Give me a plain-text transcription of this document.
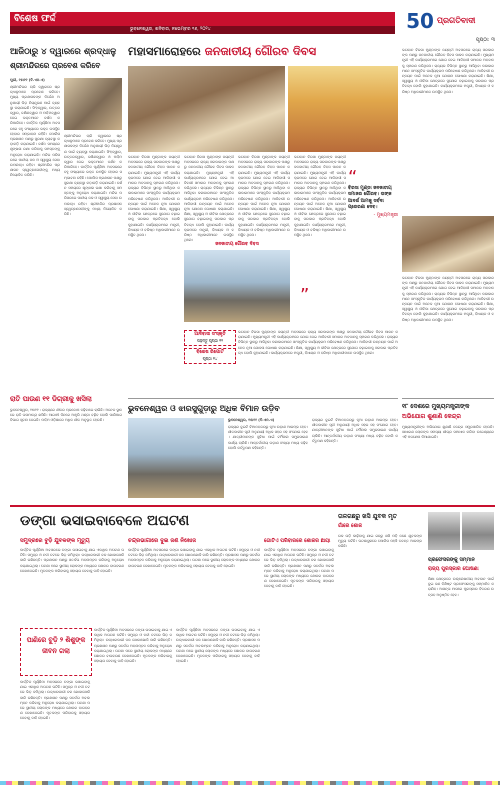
ବିଶେଷ ଫର୍ଦ୍ଦ
ଭୁବନେଶ୍ୱର, ଶନିବାର, ନଭେମ୍ବର ୧୬, ୨୦୨୪
ପୃଷ୍ଠା: ୩
50 ପ୍ରଗତିବାଦୀ
ଆଜିଠାରୁ ୪ ଦ୍ୱାରରେ ଶ୍ରଦ୍ଧାଳୁ
ଶ୍ରୀମନ୍ଦିରରେ ପ୍ରବେଶ କରିବେ
ପୁରୀ, ୧୫ା୧୧ (ବି.ଏନ.ଏ)
ଶ୍ରୀମନ୍ଦିରର ଚାରି ଦ୍ୱାରରେ ଶ୍ରଦ୍ଧାଳୁମାନେ ପ୍ରବେଶ କରିବେ। ମୁଖ୍ୟ ପ୍ରଶାସକଙ୍କ ନିର୍ଦ୍ଦେଶ ଅନୁଯାୟୀ ଭିଡ଼ ନିୟନ୍ତ୍ରଣ ପାଇଁ ବ୍ୟବସ୍ଥା କରାଯାଇଛି। ସିଂହଦ୍ୱାର, ଉତ୍ତରଦ୍ୱାର, ଦକ୍ଷିଣଦ୍ୱାର ଓ ପଶ୍ଚିମଦ୍ୱାର ଦେଇ ଭକ୍ତମାନେ ଦର୍ଶନ କରିପାରିବେ। କାର୍ତ୍ତିକ ପୂର୍ଣ୍ଣିମା ଅବସରରେ ବହୁ ସଂଖ୍ୟାରେ ଭକ୍ତ ଉପସ୍ଥିତ ହେବାର ସମ୍ଭାବନା ରହିଛି। ପୋଲିସ ପ୍ରଶାସନ ପକ୍ଷରୁ ସୁରକ୍ଷା ବ୍ୟବସ୍ଥା କଡ଼ାକଡ଼ି କରାଯାଇଛି। ଦର୍ଶନ ସମୟରେ ଶୃଙ୍ଖଳା ରକ୍ଷା କରିବାକୁ ସମସ୍ତଙ୍କୁ ଅନୁରୋଧ କରାଯାଇଛି। ମନ୍ଦିର ପରିସରରେ ପାନୀୟ ଜଳ ଓ ସ୍ୱାସ୍ଥ୍ୟ ସେବା ଉପଲବ୍ଧ ରହିବ। ଶ୍ରୀମନ୍ଦିର ପ୍ରଶାସନ ସ୍ୱେଚ୍ଛାସେବୀଙ୍କୁ ମଧ୍ୟ ନିୟୋଜିତ କରିଛି।
ଶ୍ରୀମନ୍ଦିରର ଚାରି ଦ୍ୱାରରେ ଶ୍ରଦ୍ଧାଳୁମାନେ ପ୍ରବେଶ କରିବେ। ମୁଖ୍ୟ ପ୍ରଶାସକଙ୍କ ନିର୍ଦ୍ଦେଶ ଅନୁଯାୟୀ ଭିଡ଼ ନିୟନ୍ତ୍ରଣ ପାଇଁ ବ୍ୟବସ୍ଥା କରାଯାଇଛି। ସିଂହଦ୍ୱାର, ଉତ୍ତରଦ୍ୱାର, ଦକ୍ଷିଣଦ୍ୱାର ଓ ପଶ୍ଚିମଦ୍ୱାର ଦେଇ ଭକ୍ତମାନେ ଦର୍ଶନ କରିପାରିବେ। କାର୍ତ୍ତିକ ପୂର୍ଣ୍ଣିମା ଅବସରରେ ବହୁ ସଂଖ୍ୟାରେ ଭକ୍ତ ଉପସ୍ଥିତ ହେବାର ସମ୍ଭାବନା ରହିଛି। ପୋଲିସ ପ୍ରଶାସନ ପକ୍ଷରୁ ସୁରକ୍ଷା ବ୍ୟବସ୍ଥା କଡ଼ାକଡ଼ି କରାଯାଇଛି। ଦର୍ଶନ ସମୟରେ ଶୃଙ୍ଖଳା ରକ୍ଷା କରିବାକୁ ସମସ୍ତଙ୍କୁ ଅନୁରୋଧ କରାଯାଇଛି। ମନ୍ଦିର ପରିସରରେ ପାନୀୟ ଜଳ ଓ ସ୍ୱାସ୍ଥ୍ୟ ସେବା ଉପଲବ୍ଧ ରହିବ। ଶ୍ରୀମନ୍ଦିର ପ୍ରଶାସନ ସ୍ୱେଚ୍ଛାସେବୀଙ୍କୁ ମଧ୍ୟ ନିୟୋଜିତ କରିଛି।
ରାତି ପାଉଣ ୧୧ ଡିଗ୍ରୀକୁ ଖସିଲା
ଭୁବନେଶ୍ୱର, ୧୫ା୧୧ : ରାଜ୍ୟରେ ଶୀତର ପ୍ରକୋପ ବଢ଼ିବାରେ ଲାଗିଛି। ଅନେକ ସ୍ଥାନରେ ରାତି ତାପମାତ୍ରା ଖସିଛି। ଆଗାମୀ ଦିନରେ ଆହୁରି ଥଣ୍ଡା ବଢ଼ିବ ବୋଲି ପାଣିପାଗ ବିଭାଗ ସୂଚନା ଦେଇଛି। ପଶ୍ଚିମ ଓଡ଼ିଶାରେ ଅଧିକ ଶୀତ ଅନୁଭୂତ ହେଉଛି।
ମହାସମାରୋହରେ ଜନଜାତୀୟ ଗୌରବ ଦିବସ
ଭଗବାନ ବିରସା ମୁଣ୍ଡାଙ୍କ ଜୟନ୍ତୀ ଅବସରରେ ରାଜ୍ୟ ସରକାରଙ୍କ ପକ୍ଷରୁ ଜନଜାତୀୟ ଗୌରବ ଦିବସ ପାଳନ କରାଯାଇଛି। ମୁଖ୍ୟମନ୍ତ୍ରୀ ଏହି କାର୍ଯ୍ୟକ୍ରମରେ ଯୋଗ ଦେଇ ଆଦିବାସୀ ସମାଜର ଅବଦାନକୁ ସ୍ମରଣ କରିଥିଲେ। ରାଜ୍ୟର ବିଭିନ୍ନ ସ୍ଥାନରୁ ଆସିଥିବା କଳାକାରମାନେ ସାଂସ୍କୃତିକ କାର୍ଯ୍ୟକ୍ରମ ପରିବେଷଣ କରିଥିଲେ। ଆଦିବାସୀ ଉନ୍ନୟନ ପାଇଁ ଅନେକ ନୂଆ ଯୋଜନା ଘୋଷଣା କରାଯାଇଛି। ଶିକ୍ଷା, ସ୍ୱାସ୍ଥ୍ୟ ଓ ଜୀବିକା କ୍ଷେତ୍ରରେ ସୁଯୋଗ ବଢ଼ାଇବାକୁ ସରକାର ପ୍ରତିବଦ୍ଧ ବୋଲି କୁହାଯାଇଛି। କାର୍ଯ୍ୟକ୍ରମରେ ମନ୍ତ୍ରୀ, ବିଧାୟକ ଓ ବରିଷ୍ଠ ଅଧିକାରୀମାନେ ଉପସ୍ଥିତ ଥିଲେ।
ଭଗବାନ ବିରସା ମୁଣ୍ଡାଙ୍କ ଜୟନ୍ତୀ ଅବସରରେ ରାଜ୍ୟ ସରକାରଙ୍କ ପକ୍ଷରୁ ଜନଜାତୀୟ ଗୌରବ ଦିବସ ପାଳନ କରାଯାଇଛି। ମୁଖ୍ୟମନ୍ତ୍ରୀ ଏହି କାର୍ଯ୍ୟକ୍ରମରେ ଯୋଗ ଦେଇ ଆଦିବାସୀ ସମାଜର ଅବଦାନକୁ ସ୍ମରଣ କରିଥିଲେ। ରାଜ୍ୟର ବିଭିନ୍ନ ସ୍ଥାନରୁ ଆସିଥିବା କଳାକାରମାନେ ସାଂସ୍କୃତିକ କାର୍ଯ୍ୟକ୍ରମ ପରିବେଷଣ କରିଥିଲେ। ଆଦିବାସୀ ଉନ୍ନୟନ ପାଇଁ ଅନେକ ନୂଆ ଯୋଜନା ଘୋଷଣା କରାଯାଇଛି। ଶିକ୍ଷା, ସ୍ୱାସ୍ଥ୍ୟ ଓ ଜୀବିକା କ୍ଷେତ୍ରରେ ସୁଯୋଗ ବଢ଼ାଇବାକୁ ସରକାର ପ୍ରତିବଦ୍ଧ ବୋଲି କୁହାଯାଇଛି। କାର୍ଯ୍ୟକ୍ରମରେ ମନ୍ତ୍ରୀ, ବିଧାୟକ ଓ ବରିଷ୍ଠ ଅଧିକାରୀମାନେ ଉପସ୍ଥିତ ଥିଲେ।
ଭଗବାନ ବିରସା ମୁଣ୍ଡାଙ୍କ ଜୟନ୍ତୀ ଅବସରରେ ରାଜ୍ୟ ସରକାରଙ୍କ ପକ୍ଷରୁ ଜନଜାତୀୟ ଗୌରବ ଦିବସ ପାଳନ କରାଯାଇଛି। ମୁଖ୍ୟମନ୍ତ୍ରୀ ଏହି କାର୍ଯ୍ୟକ୍ରମରେ ଯୋଗ ଦେଇ ଆଦିବାସୀ ସମାଜର ଅବଦାନକୁ ସ୍ମରଣ କରିଥିଲେ। ରାଜ୍ୟର ବିଭିନ୍ନ ସ୍ଥାନରୁ ଆସିଥିବା କଳାକାରମାନେ ସାଂସ୍କୃତିକ କାର୍ଯ୍ୟକ୍ରମ ପରିବେଷଣ କରିଥିଲେ। ଆଦିବାସୀ ଉନ୍ନୟନ ପାଇଁ ଅନେକ ନୂଆ ଯୋଜନା ଘୋଷଣା କରାଯାଇଛି। ଶିକ୍ଷା, ସ୍ୱାସ୍ଥ୍ୟ ଓ ଜୀବିକା କ୍ଷେତ୍ରରେ ସୁଯୋଗ ବଢ଼ାଇବାକୁ ସରକାର ପ୍ରତିବଦ୍ଧ ବୋଲି କୁହାଯାଇଛି। କାର୍ଯ୍ୟକ୍ରମରେ ମନ୍ତ୍ରୀ, ବିଧାୟକ ଓ ବରିଷ୍ଠ ଅଧିକାରୀମାନେ ଉପସ୍ଥିତ ଥିଲେ।
ଭଗବାନ ବିରସା ମୁଣ୍ଡାଙ୍କ ଜୟନ୍ତୀ ଅବସରରେ ରାଜ୍ୟ ସରକାରଙ୍କ ପକ୍ଷରୁ ଜନଜାତୀୟ ଗୌରବ ଦିବସ ପାଳନ କରାଯାଇଛି। ମୁଖ୍ୟମନ୍ତ୍ରୀ ଏହି କାର୍ଯ୍ୟକ୍ରମରେ ଯୋଗ ଦେଇ ଆଦିବାସୀ ସମାଜର ଅବଦାନକୁ ସ୍ମରଣ କରିଥିଲେ। ରାଜ୍ୟର ବିଭିନ୍ନ ସ୍ଥାନରୁ ଆସିଥିବା କଳାକାରମାନେ ସାଂସ୍କୃତିକ କାର୍ଯ୍ୟକ୍ରମ ପରିବେଷଣ କରିଥିଲେ। ଆଦିବାସୀ ଉନ୍ନୟନ ପାଇଁ ଅନେକ ନୂଆ ଯୋଜନା ଘୋଷଣା କରାଯାଇଛି। ଶିକ୍ଷା, ସ୍ୱାସ୍ଥ୍ୟ ଓ ଜୀବିକା କ୍ଷେତ୍ରରେ ସୁଯୋଗ ବଢ଼ାଇବାକୁ ସରକାର ପ୍ରତିବଦ୍ଧ ବୋଲି କୁହାଯାଇଛି। କାର୍ଯ୍ୟକ୍ରମରେ ମନ୍ତ୍ରୀ, ବିଧାୟକ ଓ ବରିଷ୍ଠ ଅଧିକାରୀମାନେ ଉପସ୍ଥିତ ଥିଲେ।
ଜନଜାତୀୟ ଗୌରବ ଦିବସ
“
ବିରସା ମୁଣ୍ଡା ଜନଜାତୀୟ ସମାଜର ଗୌରବ। ତାଙ୍କ ଆଦର୍ଶ ଆମକୁ ସର୍ବଦା ପ୍ରେରଣା ଦେବ।
- ମୁଖ୍ୟମନ୍ତ୍ରୀ
”
ଭଗବାନ ବିରସା ମୁଣ୍ଡାଙ୍କ ଜୟନ୍ତୀ ଅବସରରେ ରାଜ୍ୟ ସରକାରଙ୍କ ପକ୍ଷରୁ ଜନଜାତୀୟ ଗୌରବ ଦିବସ ପାଳନ କରାଯାଇଛି। ମୁଖ୍ୟମନ୍ତ୍ରୀ ଏହି କାର୍ଯ୍ୟକ୍ରମରେ ଯୋଗ ଦେଇ ଆଦିବାସୀ ସମାଜର ଅବଦାନକୁ ସ୍ମରଣ କରିଥିଲେ। ରାଜ୍ୟର ବିଭିନ୍ନ ସ୍ଥାନରୁ ଆସିଥିବା କଳାକାରମାନେ ସାଂସ୍କୃତିକ କାର୍ଯ୍ୟକ୍ରମ ପରିବେଷଣ କରିଥିଲେ। ଆଦିବାସୀ ଉନ୍ନୟନ ପାଇଁ ଅନେକ ନୂଆ ଯୋଜନା ଘୋଷଣା କରାଯାଇଛି। ଶିକ୍ଷା, ସ୍ୱାସ୍ଥ୍ୟ ଓ ଜୀବିକା କ୍ଷେତ୍ରରେ ସୁଯୋଗ ବଢ଼ାଇବାକୁ ସରକାର ପ୍ରତିବଦ୍ଧ ବୋଲି କୁହାଯାଇଛି। କାର୍ଯ୍ୟକ୍ରମରେ ମନ୍ତ୍ରୀ, ବିଧାୟକ ଓ ବରିଷ୍ଠ ଅଧିକାରୀମାନେ ଉପସ୍ଥିତ ଥିଲେ।
ଆଦିବାସୀ ସଂସ୍କୃତି
ପଢ଼ନ୍ତୁ ପୃଷ୍ଠା ୧୨
ବିଶେଷ ରିପୋର୍ଟ
ପୃଷ୍ଠା ୧୪
ଭଗବାନ ବିରସା ମୁଣ୍ଡାଙ୍କ ଜୟନ୍ତୀ ଅବସରରେ ରାଜ୍ୟ ସରକାରଙ୍କ ପକ୍ଷରୁ ଜନଜାତୀୟ ଗୌରବ ଦିବସ ପାଳନ କରାଯାଇଛି। ମୁଖ୍ୟମନ୍ତ୍ରୀ ଏହି କାର୍ଯ୍ୟକ୍ରମରେ ଯୋଗ ଦେଇ ଆଦିବାସୀ ସମାଜର ଅବଦାନକୁ ସ୍ମରଣ କରିଥିଲେ। ରାଜ୍ୟର ବିଭିନ୍ନ ସ୍ଥାନରୁ ଆସିଥିବା କଳାକାରମାନେ ସାଂସ୍କୃତିକ କାର୍ଯ୍ୟକ୍ରମ ପରିବେଷଣ କରିଥିଲେ। ଆଦିବାସୀ ଉନ୍ନୟନ ପାଇଁ ଅନେକ ନୂଆ ଯୋଜନା ଘୋଷଣା କରାଯାଇଛି। ଶିକ୍ଷା, ସ୍ୱାସ୍ଥ୍ୟ ଓ ଜୀବିକା କ୍ଷେତ୍ରରେ ସୁଯୋଗ ବଢ଼ାଇବାକୁ ସରକାର ପ୍ରତିବଦ୍ଧ ବୋଲି କୁହାଯାଇଛି। କାର୍ଯ୍ୟକ୍ରମରେ ମନ୍ତ୍ରୀ, ବିଧାୟକ ଓ ବରିଷ୍ଠ ଅଧିକାରୀମାନେ ଉପସ୍ଥିତ ଥିଲେ।
ଭଗବାନ ବିରସା ମୁଣ୍ଡାଙ୍କ ଜୟନ୍ତୀ ଅବସରରେ ରାଜ୍ୟ ସରକାରଙ୍କ ପକ୍ଷରୁ ଜନଜାତୀୟ ଗୌରବ ଦିବସ ପାଳନ କରାଯାଇଛି। ମୁଖ୍ୟମନ୍ତ୍ରୀ ଏହି କାର୍ଯ୍ୟକ୍ରମରେ ଯୋଗ ଦେଇ ଆଦିବାସୀ ସମାଜର ଅବଦାନକୁ ସ୍ମରଣ କରିଥିଲେ। ରାଜ୍ୟର ବିଭିନ୍ନ ସ୍ଥାନରୁ ଆସିଥିବା କଳାକାରମାନେ ସାଂସ୍କୃତିକ କାର୍ଯ୍ୟକ୍ରମ ପରିବେଷଣ କରିଥିଲେ। ଆଦିବାସୀ ଉନ୍ନୟନ ପାଇଁ ଅନେକ ନୂଆ ଯୋଜନା ଘୋଷଣା କରାଯାଇଛି। ଶିକ୍ଷା, ସ୍ୱାସ୍ଥ୍ୟ ଓ ଜୀବିକା କ୍ଷେତ୍ରରେ ସୁଯୋଗ ବଢ଼ାଇବାକୁ ସରକାର ପ୍ରତିବଦ୍ଧ ବୋଲି କୁହାଯାଇଛି। କାର୍ଯ୍ୟକ୍ରମରେ ମନ୍ତ୍ରୀ, ବିଧାୟକ ଓ ବରିଷ୍ଠ ଅଧିକାରୀମାନେ ଉପସ୍ଥିତ ଥିଲେ।
ଭୁବନେଶ୍ୱର ଓ ଝାରସୁଗୁଡ଼ାରୁ ଅଧିକ ବିମାନ ଉଡ଼ିବ
ଭୁବନେଶ୍ୱର, ୧୫ା୧୧ (ବି.ଏନ.ଏ)
ରାଜ୍ୟର ଦୁଇଟି ବିମାନବନ୍ଦରରୁ ନୂଆ ଉଡ଼ାଣ ଆରମ୍ଭ ହେବ। ଶୀତକାଳୀନ ସୂଚୀ ଅନୁଯାୟୀ ଅଧିକ ସହର ସହ ସଂଯୋଗ ହେବ। ଯାତ୍ରୀମାନଙ୍କ ସୁବିଧା ପାଇଁ ଟର୍ମିନାଲ ସମ୍ପ୍ରସାରଣ କାର୍ଯ୍ୟ ଚାଲିଛି। ଆନ୍ତର୍ଜାତୀୟ ଉଡ଼ାଣ ସଂଖ୍ୟା ମଧ୍ୟ ବଢ଼ିବ ବୋଲି କର୍ତ୍ତୃପକ୍ଷ କହିଛନ୍ତି।
ରାଜ୍ୟର ଦୁଇଟି ବିମାନବନ୍ଦରରୁ ନୂଆ ଉଡ଼ାଣ ଆରମ୍ଭ ହେବ। ଶୀତକାଳୀନ ସୂଚୀ ଅନୁଯାୟୀ ଅଧିକ ସହର ସହ ସଂଯୋଗ ହେବ। ଯାତ୍ରୀମାନଙ୍କ ସୁବିଧା ପାଇଁ ଟର୍ମିନାଲ ସମ୍ପ୍ରସାରଣ କାର୍ଯ୍ୟ ଚାଲିଛି। ଆନ୍ତର୍ଜାତୀୟ ଉଡ଼ାଣ ସଂଖ୍ୟା ମଧ୍ୟ ବଢ଼ିବ ବୋଲି କର୍ତ୍ତୃପକ୍ଷ କହିଛନ୍ତି।
୧୮ ଦେଶରେ ମୁଖ୍ୟମନ୍ତ୍ରୀଙ୍କ
ଅଭିଯୋଗ ଶୁଣାଣି କେନ୍ଦ୍ର
ମୁଖ୍ୟମନ୍ତ୍ରୀଙ୍କ ଅଭିଯୋଗ ଶୁଣାଣି କେନ୍ଦ୍ର ସମ୍ପ୍ରସାରିତ ହେଉଛି। ସାଧାରଣ ଲୋକଙ୍କ ସମସ୍ୟା ଶୀଘ୍ର ସମାଧାନ କରିବା ଉଦ୍ଦେଶ୍ୟରେ ଏହି ପଦକ୍ଷେପ ନିଆଯାଇଛି।
ଡଙ୍ଗା ଭସାଇବାବେଳେ ଅଘଟଣ
ସମୁଦ୍ରରେ ବୁଡ଼ି ଯୁବକଙ୍କ ମୃତ୍ୟୁ
କାର୍ତ୍ତିକ ପୂର୍ଣ୍ଣିମା ଅବସରରେ ଡଙ୍ଗା ଭସାଇବାକୁ ଯାଇ ଏକାଧିକ ଅଘଟଣ ଘଟିଛି। ସମୁଦ୍ର ଓ ନଦୀ ତଟରେ ଭିଡ଼ ଜମିଥିଲା। ଉଦ୍ଧାରକାରୀ ଦଳ ଖୋଜାଖୋଜି ଜାରି ରଖିଛନ୍ତି। ପ୍ରଶାସନ ପକ୍ଷରୁ ସତର୍କତା ଅବଲମ୍ବନ କରିବାକୁ ଅନୁରୋଧ କରାଯାଇଥିଲା। ଘଟଣା ପରେ ସ୍ଥାନୀୟ ଲୋକଙ୍କ ମଧ୍ୟରେ ଶୋକର ବାତାବରଣ ଦେଖାଦେଇଛି। ମୃତକଙ୍କ ପରିବାରକୁ ସହାୟତା ଦେବାକୁ ଦାବି ହୋଇଛି।
ଚନ୍ଦ୍ରଭାଗାରେ ଦୁଇ ଜଣ ନିଖୋଜ
କାର୍ତ୍ତିକ ପୂର୍ଣ୍ଣିମା ଅବସରରେ ଡଙ୍ଗା ଭସାଇବାକୁ ଯାଇ ଏକାଧିକ ଅଘଟଣ ଘଟିଛି। ସମୁଦ୍ର ଓ ନଦୀ ତଟରେ ଭିଡ଼ ଜମିଥିଲା। ଉଦ୍ଧାରକାରୀ ଦଳ ଖୋଜାଖୋଜି ଜାରି ରଖିଛନ୍ତି। ପ୍ରଶାସନ ପକ୍ଷରୁ ସତର୍କତା ଅବଲମ୍ବନ କରିବାକୁ ଅନୁରୋଧ କରାଯାଇଥିଲା। ଘଟଣା ପରେ ସ୍ଥାନୀୟ ଲୋକଙ୍କ ମଧ୍ୟରେ ଶୋକର ବାତାବରଣ ଦେଖାଦେଇଛି। ମୃତକଙ୍କ ପରିବାରକୁ ସହାୟତା ଦେବାକୁ ଦାବି ହୋଇଛି।
ପାଣିରେ ବୁଡ଼ି ୨ ଶିଶୁଙ୍କ ଜୀବନ ଗଲା
କାର୍ତ୍ତିକ ପୂର୍ଣ୍ଣିମା ଅବସରରେ ଡଙ୍ଗା ଭସାଇବାକୁ ଯାଇ ଏକାଧିକ ଅଘଟଣ ଘଟିଛି। ସମୁଦ୍ର ଓ ନଦୀ ତଟରେ ଭିଡ଼ ଜମିଥିଲା। ଉଦ୍ଧାରକାରୀ ଦଳ ଖୋଜାଖୋଜି ଜାରି ରଖିଛନ୍ତି। ପ୍ରଶାସନ ପକ୍ଷରୁ ସତର୍କତା ଅବଲମ୍ବନ କରିବାକୁ ଅନୁରୋଧ କରାଯାଇଥିଲା। ଘଟଣା ପରେ ସ୍ଥାନୀୟ ଲୋକଙ୍କ ମଧ୍ୟରେ ଶୋକର ବାତାବରଣ ଦେଖାଦେଇଛି। ମୃତକଙ୍କ ପରିବାରକୁ ସହାୟତା ଦେବାକୁ ଦାବି ହୋଇଛି।
କାର୍ତ୍ତିକ ପୂର୍ଣ୍ଣିମା ଅବସରରେ ଡଙ୍ଗା ଭସାଇବାକୁ ଯାଇ ଏକାଧିକ ଅଘଟଣ ଘଟିଛି। ସମୁଦ୍ର ଓ ନଦୀ ତଟରେ ଭିଡ଼ ଜମିଥିଲା। ଉଦ୍ଧାରକାରୀ ଦଳ ଖୋଜାଖୋଜି ଜାରି ରଖିଛନ୍ତି। ପ୍ରଶାସନ ପକ୍ଷରୁ ସତର୍କତା ଅବଲମ୍ବନ କରିବାକୁ ଅନୁରୋଧ କରାଯାଇଥିଲା। ଘଟଣା ପରେ ସ୍ଥାନୀୟ ଲୋକଙ୍କ ମଧ୍ୟରେ ଶୋକର ବାତାବରଣ ଦେଖାଦେଇଛି। ମୃତକଙ୍କ ପରିବାରକୁ ସହାୟତା ଦେବାକୁ ଦାବି ହୋଇଛି।
କାର୍ତ୍ତିକ ପୂର୍ଣ୍ଣିମା ଅବସରରେ ଡଙ୍ଗା ଭସାଇବାକୁ ଯାଇ ଏକାଧିକ ଅଘଟଣ ଘଟିଛି। ସମୁଦ୍ର ଓ ନଦୀ ତଟରେ ଭିଡ଼ ଜମିଥିଲା। ଉଦ୍ଧାରକାରୀ ଦଳ ଖୋଜାଖୋଜି ଜାରି ରଖିଛନ୍ତି। ପ୍ରଶାସନ ପକ୍ଷରୁ ସତର୍କତା ଅବଲମ୍ବନ କରିବାକୁ ଅନୁରୋଧ କରାଯାଇଥିଲା। ଘଟଣା ପରେ ସ୍ଥାନୀୟ ଲୋକଙ୍କ ମଧ୍ୟରେ ଶୋକର ବାତାବରଣ ଦେଖାଦେଇଛି। ମୃତକଙ୍କ ପରିବାରକୁ ସହାୟତା ଦେବାକୁ ଦାବି ହୋଇଛି।
ଗୋଟିଏ ପରିବାରରେ ଶୋକର ଛାୟା
କାର୍ତ୍ତିକ ପୂର୍ଣ୍ଣିମା ଅବସରରେ ଡଙ୍ଗା ଭସାଇବାକୁ ଯାଇ ଏକାଧିକ ଅଘଟଣ ଘଟିଛି। ସମୁଦ୍ର ଓ ନଦୀ ତଟରେ ଭିଡ଼ ଜମିଥିଲା। ଉଦ୍ଧାରକାରୀ ଦଳ ଖୋଜାଖୋଜି ଜାରି ରଖିଛନ୍ତି। ପ୍ରଶାସନ ପକ୍ଷରୁ ସତର୍କତା ଅବଲମ୍ବନ କରିବାକୁ ଅନୁରୋଧ କରାଯାଇଥିଲା। ଘଟଣା ପରେ ସ୍ଥାନୀୟ ଲୋକଙ୍କ ମଧ୍ୟରେ ଶୋକର ବାତାବରଣ ଦେଖାଦେଇଛି। ମୃତକଙ୍କ ପରିବାରକୁ ସହାୟତା ଦେବାକୁ ଦାବି ହୋଇଛି।
ତାଳଗଛରୁ ଖସି ଯୁବକ ମୃତ
ଗାଁରେ ଶୋକ
ତାଳ ତାଡ଼ି କାଢ଼ିବାକୁ ଯାଇ ଗଛରୁ ଖସି ପଡ଼ି ଜଣେ ଯୁବକଙ୍କ ମୃତ୍ୟୁ ଘଟିଛି। ଘଟଣାସ୍ଥଳରେ ପୋଲିସ ପହଞ୍ଚି ତଦନ୍ତ ଆରମ୍ଭ କରିଛି।
ପ୍ରଫେସରଙ୍କୁ ସମ୍ମାନ
ରାଜ୍ୟ ପୁରସ୍କାର ଘୋଷଣା
ଶିକ୍ଷା କ୍ଷେତ୍ରରେ ଉଲ୍ଲେଖନୀୟ ଅବଦାନ ପାଇଁ ଦୁଇ ଜଣ ବିଶିଷ୍ଟ ପ୍ରଫେସରଙ୍କୁ ସମ୍ମାନିତ କରାଯିବ। ଆସନ୍ତା ମାସରେ ପୁରସ୍କାର ବିତରଣ ଉତ୍ସବ ଅନୁଷ୍ଠିତ ହେବ।
